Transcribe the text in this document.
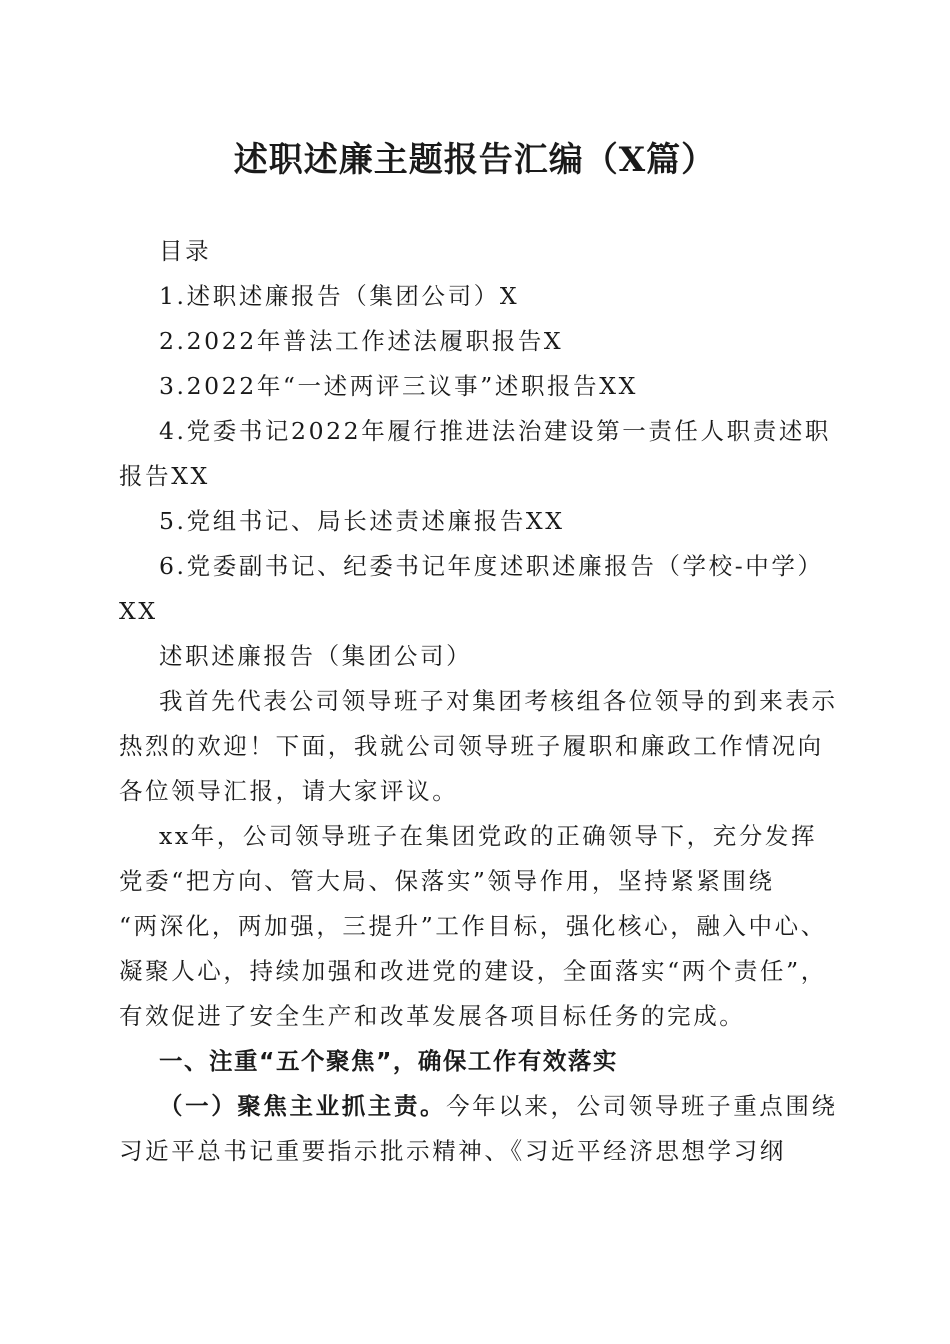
述职述廉主题报告汇编（X篇）

目录

1.述职述廉报告（集团公司）X

2.2022年普法工作述法履职报告X

3.2022年“一述两评三议事”述职报告XX

4.党委书记2022年履行推进法治建设第一责任人职责述职

报告XX

5.党组书记、局长述责述廉报告XX

6.党委副书记、纪委书记年度述职述廉报告（学校-中学）

XX

述职述廉报告（集团公司）

我首先代表公司领导班子对集团考核组各位领导的到来表示

热烈的欢迎！下面，我就公司领导班子履职和廉政工作情况向

各位领导汇报，请大家评议。

xx年，公司领导班子在集团党政的正确领导下，充分发挥

党委“把方向、管大局、保落实”领导作用，坚持紧紧围绕

“两深化，两加强，三提升”工作目标，强化核心，融入中心、

凝聚人心，持续加强和改进党的建设，全面落实“两个责任”，

有效促进了安全生产和改革发展各项目标任务的完成。

一、注重“五个聚焦”，确保工作有效落实

（一）聚焦主业抓主责。今年以来，公司领导班子重点围绕

习近平总书记重要指示批示精神、《习近平经济思想学习纲
